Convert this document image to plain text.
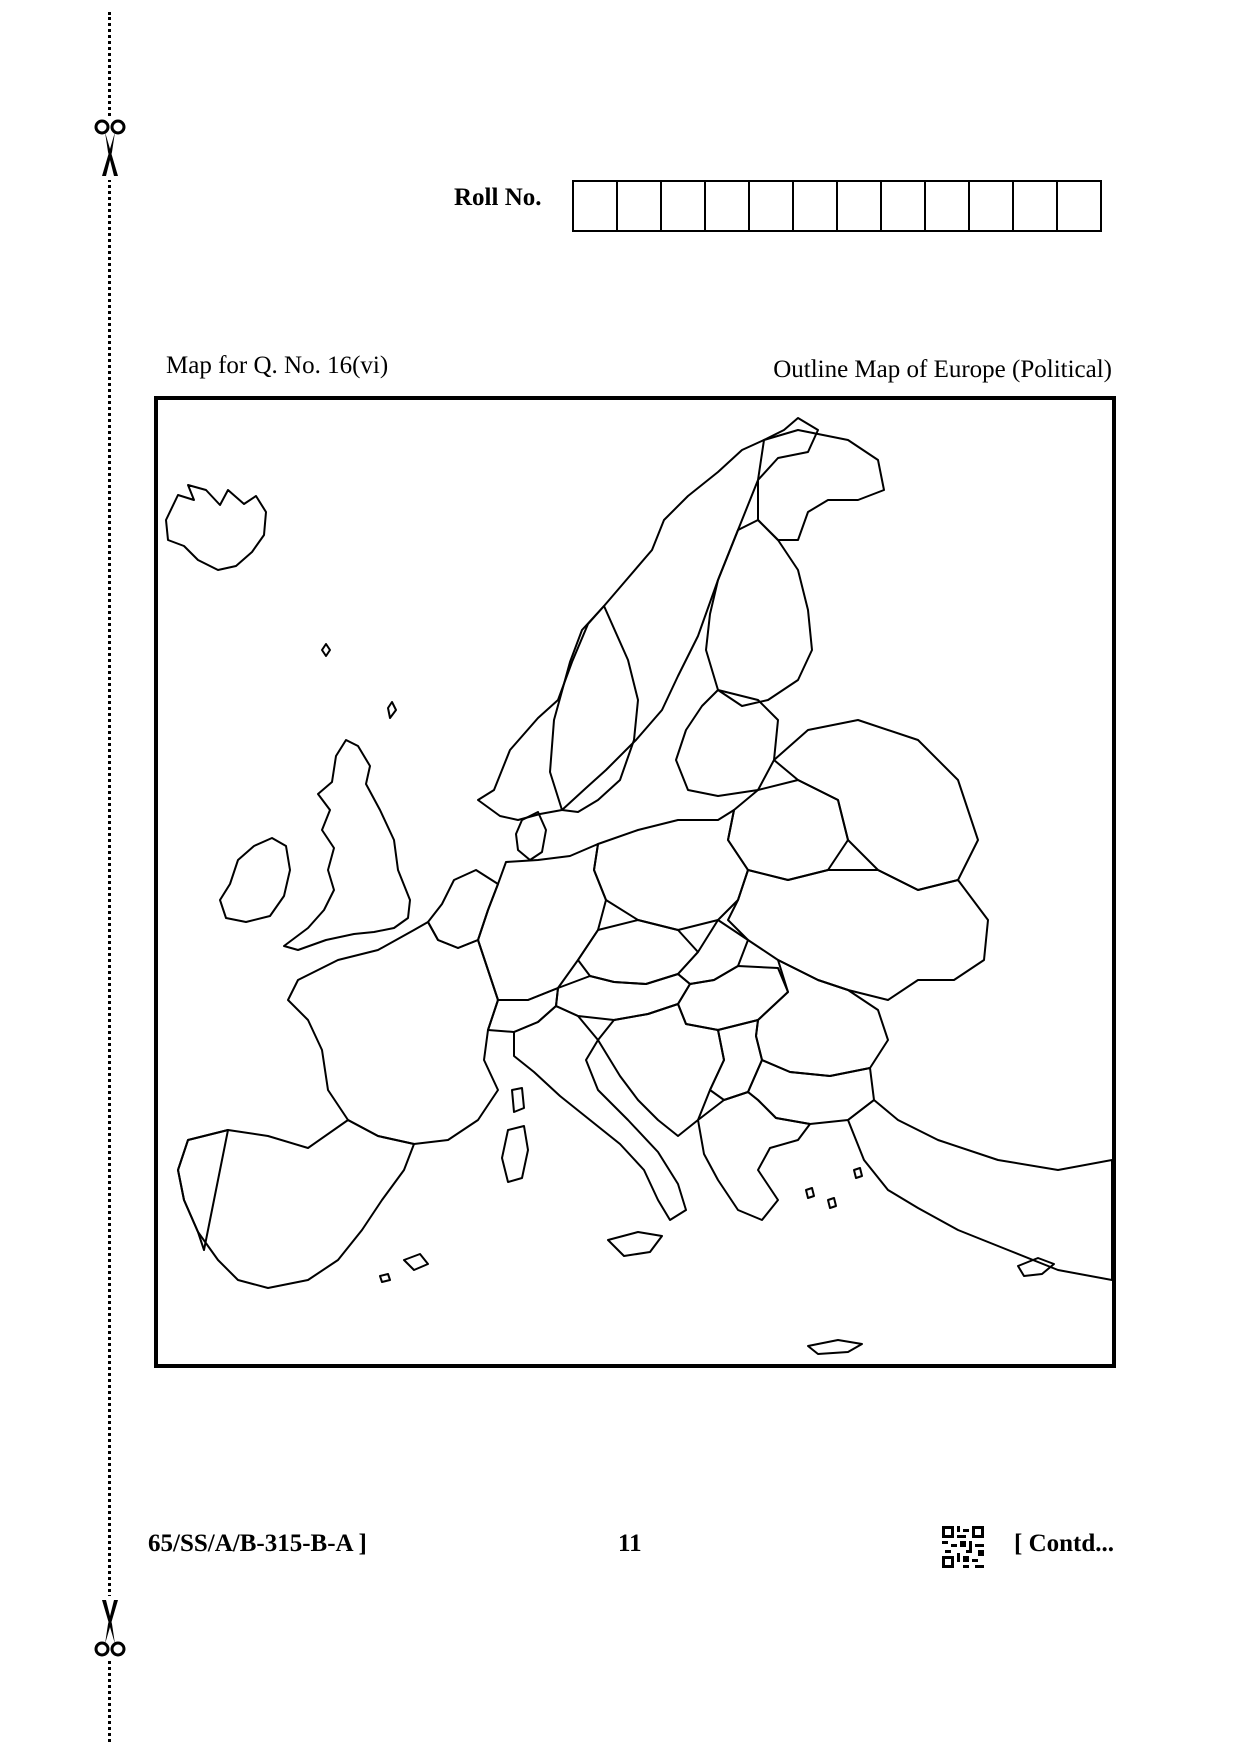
Roll No.
Map for Q. No. 16(vi)	Outline Map of Europe (Political)
65/SS/A/B-315-B-A ]	11	[ Contd...
